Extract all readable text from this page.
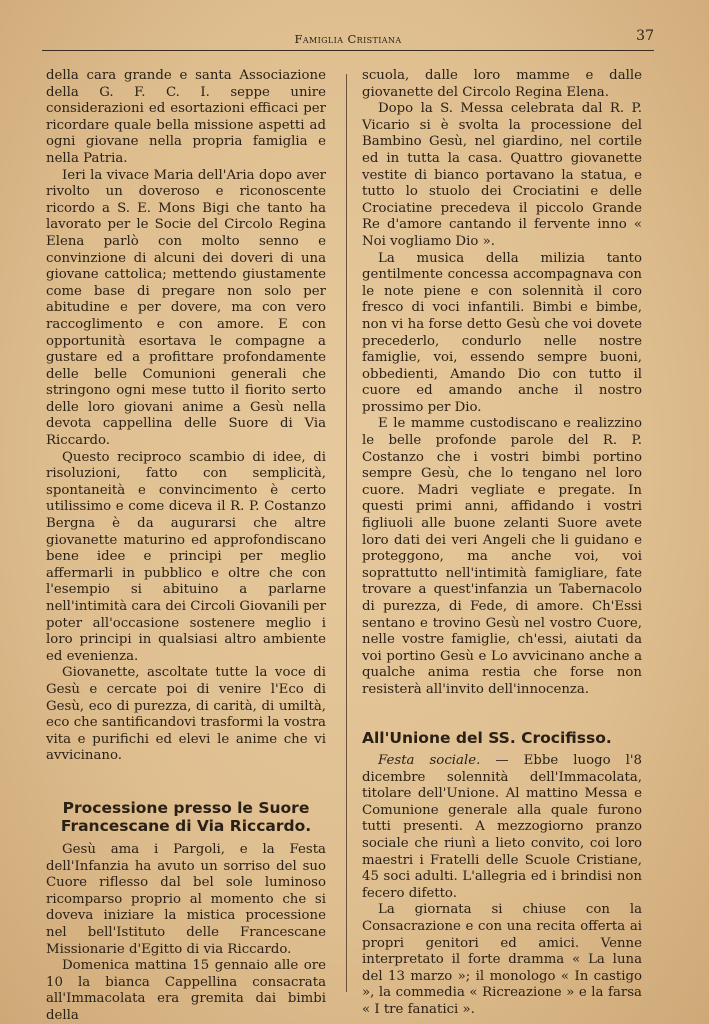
Famiglia Cristiana	37

della cara grande e santa Associazione della G. F. C. I. seppe unire considerazioni ed esortazioni efficaci per ricordare quale bella missione aspetti ad ogni giovane nella propria famiglia e nella Patria.

Ieri la vivace Maria dell'Aria dopo aver rivolto un doveroso e riconoscente ricordo a S. E. Mons Bigi che tanto ha lavorato per le Socie del Circolo Regina Elena parlò con molto senno e convinzione di alcuni dei doveri di una giovane cattolica; mettendo giustamente come base di pregare non solo per abitudine e per dovere, ma con vero raccoglimento e con amore. E con opportunità esortava le compagne a gustare ed a profittare profondamente delle belle Comunioni generali che stringono ogni mese tutto il fiorito serto delle loro giovani anime a Gesù nella devota cappellina delle Suore di Via Riccardo.

Questo reciproco scambio di idee, di risoluzioni, fatto con semplicità, spontaneità e convincimento è certo utilissimo e come diceva il R. P. Costanzo Bergna è da augurarsi che altre giovanette maturino ed approfondiscano bene idee e principi per meglio affermarli in pubblico e oltre che con l'esempio si abituino a parlarne nell'intimità cara dei Circoli Giovanili per poter all'occasione sostenere meglio i loro principi in qualsiasi altro ambiente ed evenienza.

Giovanette, ascoltate tutte la voce di Gesù e cercate poi di venire l'Eco di Gesù, eco di purezza, di carità, di umiltà, eco che santificandovi trasformi la vostra vita e purifichi ed elevi le anime che vi avvicinano.

Processione presso le Suore Francescane di Via Riccardo.

Gesù ama i Pargoli, e la Festa dell'Infanzia ha avuto un sorriso del suo Cuore riflesso dal bel sole luminoso ricomparso proprio al momento che si doveva iniziare la mistica processione nel bell'Istituto delle Francescane Missionarie d'Egitto di via Riccardo.

Domenica mattina 15 gennaio alle ore 10 la bianca Cappellina consacrata all'Immacolata era gremita dai bimbi della

scuola, dalle loro mamme e dalle giovanette del Circolo Regina Elena.

Dopo la S. Messa celebrata dal R. P. Vicario si è svolta la processione del Bambino Gesù, nel giardino, nel cortile ed in tutta la casa. Quattro giovanette vestite di bianco portavano la statua, e tutto lo stuolo dei Crociatini e delle Crociatine precedeva il piccolo Grande Re d'amore cantando il fervente inno « Noi vogliamo Dio ».

La musica della milizia tanto gentilmente concessa accompagnava con le note piene e con solennità il coro fresco di voci infantili. Bimbi e bimbe, non vi ha forse detto Gesù che voi dovete precederlo, condurlo nelle nostre famiglie, voi, essendo sempre buoni, obbedienti, Amando Dio con tutto il cuore ed amando anche il nostro prossimo per Dio.

E le mamme custodiscano e realizzino le belle profonde parole del R. P. Costanzo che i vostri bimbi portino sempre Gesù, che lo tengano nel loro cuore. Madri vegliate e pregate. In questi primi anni, affidando i vostri figliuoli alle buone zelanti Suore avete loro dati dei veri Angeli che li guidano e proteggono, ma anche voi, voi soprattutto nell'intimità famigliare, fate trovare a quest'infanzia un Tabernacolo di purezza, di Fede, di amore. Ch'Essi sentano e trovino Gesù nel vostro Cuore, nelle vostre famiglie, ch'essi, aiutati da voi portino Gesù e Lo avvicinano anche a qualche anima restia che forse non resisterà all'invito dell'innocenza.

All'Unione del SS. Crocifisso.

Festa sociale. — Ebbe luogo l'8 dicembre solennità dell'Immacolata, titolare dell'Unione. Al mattino Messa e Comunione generale alla quale furono tutti presenti. A mezzogiorno pranzo sociale che riunì a lieto convito, coi loro maestri i Fratelli delle Scuole Cristiane, 45 soci adulti. L'allegria ed i brindisi non fecero difetto.

La giornata si chiuse con la Consacrazione e con una recita offerta ai propri genitori ed amici. Venne interpretato il forte dramma « La luna del 13 marzo »; il monologo « In castigo », la commedia « Ricreazione » e la farsa « I tre fanatici ».
